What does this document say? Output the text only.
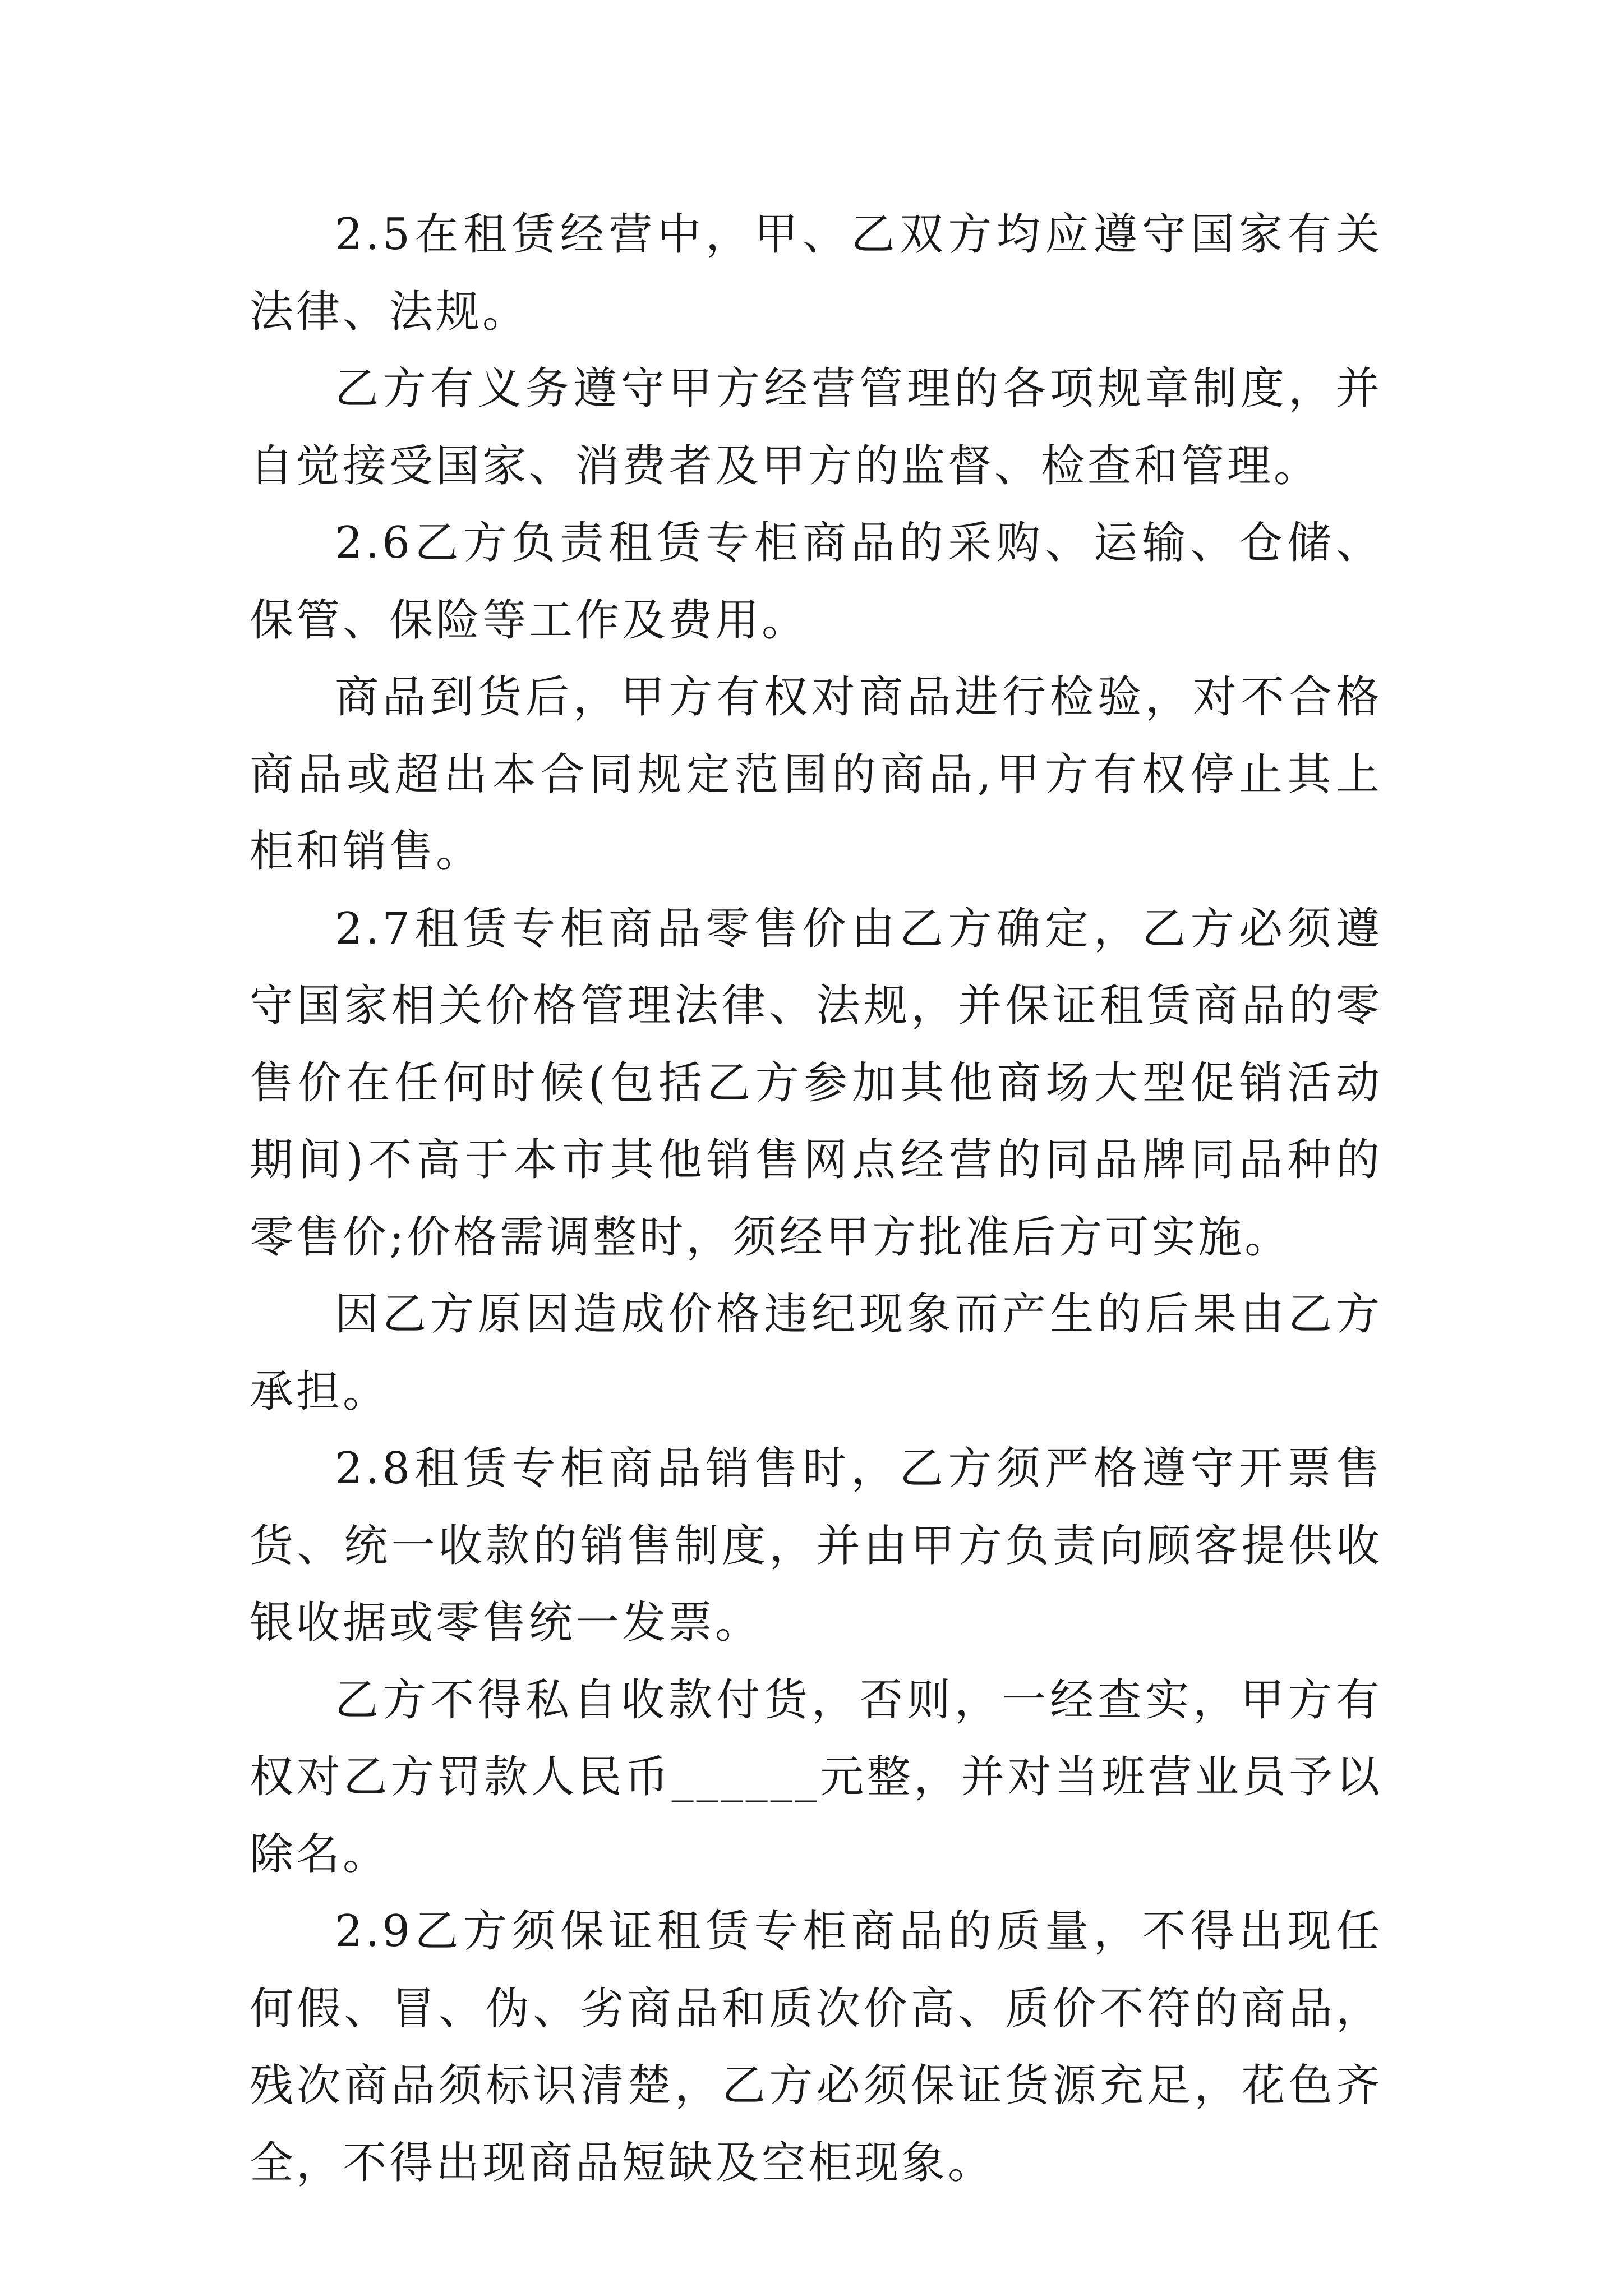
2.5在租赁经营中，甲、乙双方均应遵守国家有关法律、法规。

乙方有义务遵守甲方经营管理的各项规章制度，并自觉接受国家、消费者及甲方的监督、检查和管理。

2.6乙方负责租赁专柜商品的采购、运输、仓储、保管、保险等工作及费用。

商品到货后，甲方有权对商品进行检验，对不合格商品或超出本合同规定范围的商品,甲方有权停止其上柜和销售。

2.7租赁专柜商品零售价由乙方确定，乙方必须遵守国家相关价格管理法律、法规，并保证租赁商品的零售价在任何时候(包括乙方参加其他商场大型促销活动期间)不高于本市其他销售网点经营的同品牌同品种的零售价;价格需调整时，须经甲方批准后方可实施。

因乙方原因造成价格违纪现象而产生的后果由乙方承担。

2.8租赁专柜商品销售时，乙方须严格遵守开票售货、统一收款的销售制度，并由甲方负责向顾客提供收银收据或零售统一发票。

乙方不得私自收款付货，否则，一经查实，甲方有权对乙方罚款人民币______元整，并对当班营业员予以除名。

2.9乙方须保证租赁专柜商品的质量，不得出现任何假、冒、伪、劣商品和质次价高、质价不符的商品，残次商品须标识清楚，乙方必须保证货源充足，花色齐全，不得出现商品短缺及空柜现象。
